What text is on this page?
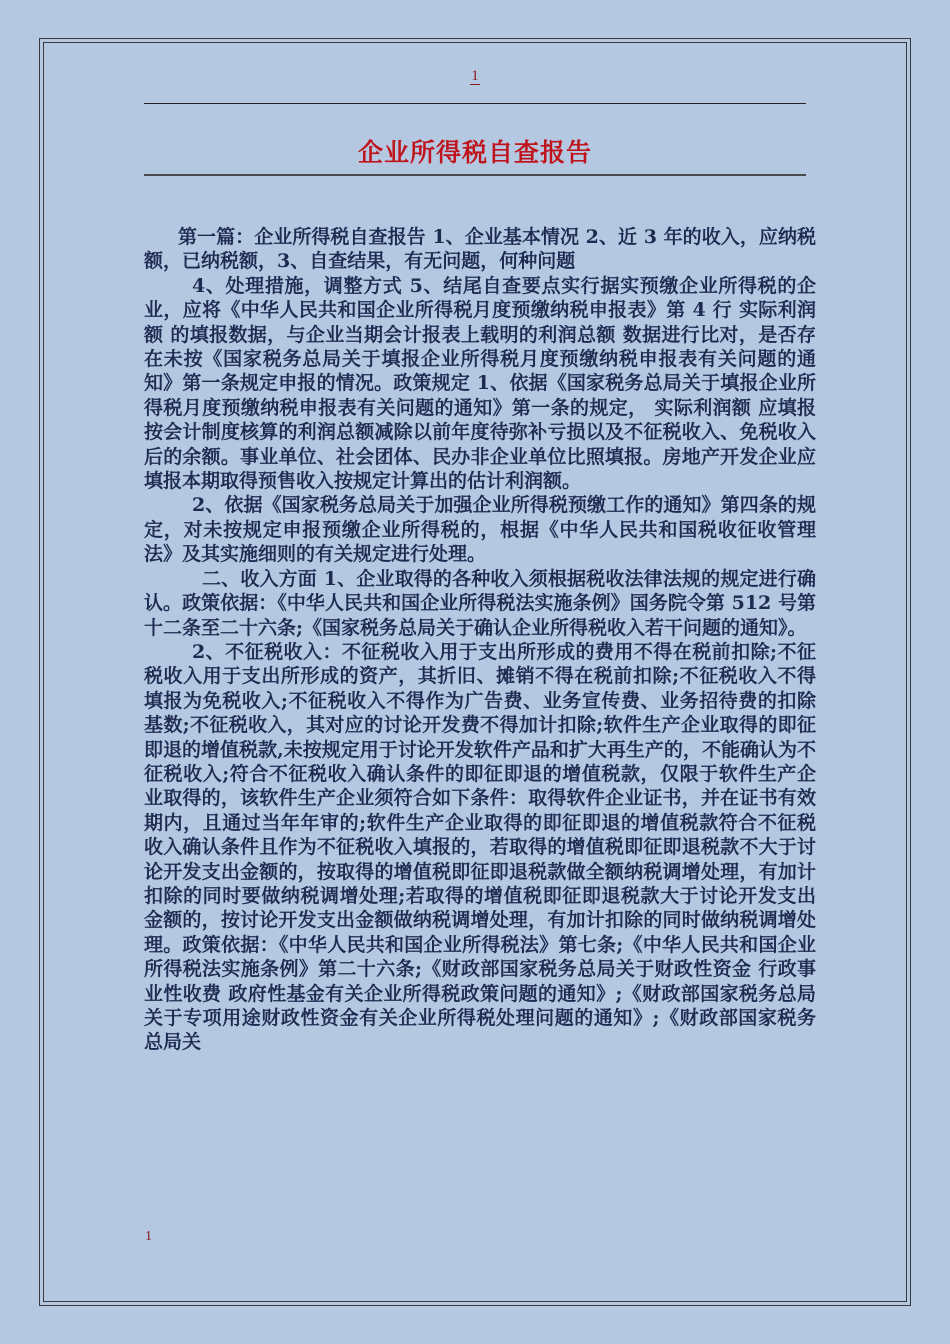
1
企业所得税自查报告

第一篇：企业所得税自查报告 1、企业基本情况 2、近 3 年的收入，应纳税额，已纳税额，3、自查结果，有无问题，何种问题

4、处理措施，调整方式 5、结尾自查要点实行据实预缴企业所得税的企业，应将《中华人民共和国企业所得税月度预缴纳税申报表》第 4 行 实际利润额 的填报数据，与企业当期会计报表上载明的利润总额 数据进行比对，是否存在未按《国家税务总局关于填报企业所得税月度预缴纳税申报表有关问题的通知》第一条规定申报的情况。政策规定 1、依据《国家税务总局关于填报企业所得税月度预缴纳税申报表有关问题的通知》第一条的规定， 实际利润额 应填报按会计制度核算的利润总额减除以前年度待弥补亏损以及不征税收入、免税收入后的余额。事业单位、社会团体、民办非企业单位比照填报。房地产开发企业应填报本期取得预售收入按规定计算出的估计利润额。

2、依据《国家税务总局关于加强企业所得税预缴工作的通知》第四条的规定，对未按规定申报预缴企业所得税的，根据《中华人民共和国税收征收管理法》及其实施细则的有关规定进行处理。

二、收入方面 1、企业取得的各种收入须根据税收法律法规的规定进行确认。政策依据：《中华人民共和国企业所得税法实施条例》国务院令第 512 号第十二条至二十六条;《国家税务总局关于确认企业所得税收入若干问题的通知》。

2、不征税收入：不征税收入用于支出所形成的费用不得在税前扣除;不征税收入用于支出所形成的资产，其折旧、摊销不得在税前扣除;不征税收入不得填报为免税收入;不征税收入不得作为广告费、业务宣传费、业务招待费的扣除基数;不征税收入，其对应的讨论开发费不得加计扣除;软件生产企业取得的即征即退的增值税款,未按规定用于讨论开发软件产品和扩大再生产的，不能确认为不征税收入;符合不征税收入确认条件的即征即退的增值税款，仅限于软件生产企业取得的，该软件生产企业须符合如下条件：取得软件企业证书，并在证书有效期内，且通过当年年审的;软件生产企业取得的即征即退的增值税款符合不征税收入确认条件且作为不征税收入填报的，若取得的增值税即征即退税款不大于讨论开发支出金额的，按取得的增值税即征即退税款做全额纳税调增处理，有加计扣除的同时要做纳税调增处理;若取得的增值税即征即退税款大于讨论开发支出金额的，按讨论开发支出金额做纳税调增处理，有加计扣除的同时做纳税调增处理。政策依据：《中华人民共和国企业所得税法》第七条;《中华人民共和国企业所得税法实施条例》第二十六条;《财政部国家税务总局关于财政性资金 行政事业性收费 政府性基金有关企业所得税政策问题的通知》;《财政部国家税务总局关于专项用途财政性资金有关企业所得税处理问题的通知》;《财政部国家税务总局关

1
